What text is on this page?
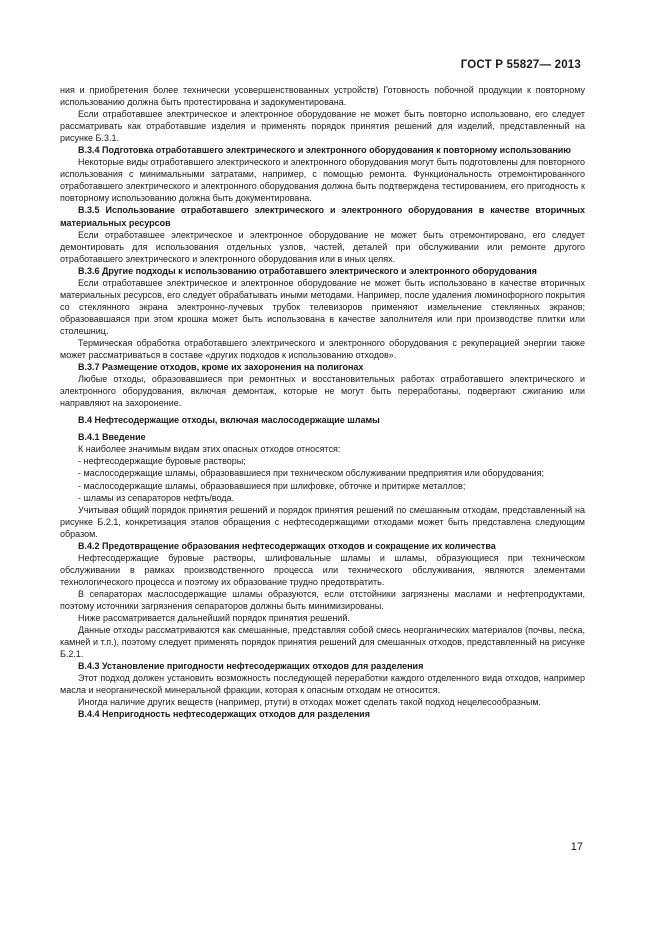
ГОСТ Р 55827— 2013

ния и приобретения более технически усовершенствованных устройств) Готовность побочной продукции к повторному использованию должна быть протестирована и задокументирована.

Если отработавшее электрическое и электронное оборудование не может быть повторно использовано, его следует рассматривать как отработавшие изделия и применять порядок принятия решений для изделий, представленный на рисунке Б.3.1.

В.3.4 Подготовка отработавшего электрического и электронного оборудования к повторному использованию

Некоторые виды отработавшего электрического и электронного оборудования могут быть подготовлены для повторного использования с минимальными затратами, например, с помощью ремонта. Функциональность отремонтированного отработавшего электрического и электронного оборудования должна быть подтверждена тестированием, его пригодность к повторному использованию должна быть документирована.

В.3.5 Использование отработавшего электрического и электронного оборудования в качестве вторичных материальных ресурсов

Если отработавшее электрическое и электронное оборудование не может быть отремонтировано, его следует демонтировать для использования отдельных узлов, частей, деталей при обслуживании или ремонте другого отработавшего электрического и электронного оборудования или в иных целях.

В.3.6 Другие подходы к использованию отработавшего электрического и электронного оборудования

Если отработавшее электрическое и электронное оборудование не может быть использовано в качестве вторичных материальных ресурсов, его следует обрабатывать иными методами. Например, после удаления люминофорного покрытия со стеклянного экрана электронно-лучевых трубок телевизоров применяют измельчение стеклянных экранов; образовавшаяся при этом крошка может быть использована в качестве заполнителя или при производстве плитки или столешниц.

Термическая обработка отработавшего электрического и электронного оборудования с рекуперацией энергии также может рассматриваться в составе «других подходов к использованию отходов».

В.3.7 Размещение отходов, кроме их захоронения на полигонах

Любые отходы, образовавшиеся при ремонтных и восстановительных работах отработавшего электрического и электронного оборудования, включая демонтаж, которые не могут быть переработаны, подвергают сжиганию или направляют на захоронение.

В.4 Нефтесодержащие отходы, включая маслосодержащие шламы

В.4.1 Введение

К наиболее значимым видам этих опасных отходов относятся:

- нефтесодержащие буровые растворы;

- маслосодержащие шламы, образовавшиеся при техническом обслуживании предприятия или оборудования;

- маслосодержащие шламы, образовавшиеся при шлифовке, обточке и притирке металлов;

- шламы из сепараторов нефть/вода.

Учитывая общий порядок принятия решений и порядок принятия решений по смешанным отходам, представленный на рисунке Б.2.1, конкретизация этапов обращения с нефтесодержащими отходами может быть представлена следующим образом.

В.4.2 Предотвращение образования нефтесодержащих отходов и сокращение их количества

Нефтесодержащие буровые растворы, шлифовальные шламы и шламы, образующиеся при техническом обслуживании в рамках производственного процесса или технического обслуживания, являются элементами технологического процесса и поэтому их образование трудно предотвратить.

В сепараторах маслосодержащие шламы образуются, если отстойники загрязнены маслами и нефтепродуктами, поэтому источники загрязнения сепараторов должны быть минимизированы.

Ниже рассматривается дальнейший порядок принятия решений.

Данные отходы рассматриваются как смешанные, представляя собой смесь неорганических материалов (почвы, песка, камней и т.п.), поэтому следует применять порядок принятия решений для смешанных отходов, представленный на рисунке Б.2.1.

В.4.3 Установление пригодности нефтесодержащих отходов для разделения

Этот подход должен установить возможность последующей переработки каждого отделенного вида отходов, например масла и неорганической минеральной фракции, которая к опасным отходам не относится.

Иногда наличие других веществ (например, ртути) в отходах может сделать такой подход нецелесообразным.

В.4.4 Непригодность нефтесодержащих отходов для разделения

17
